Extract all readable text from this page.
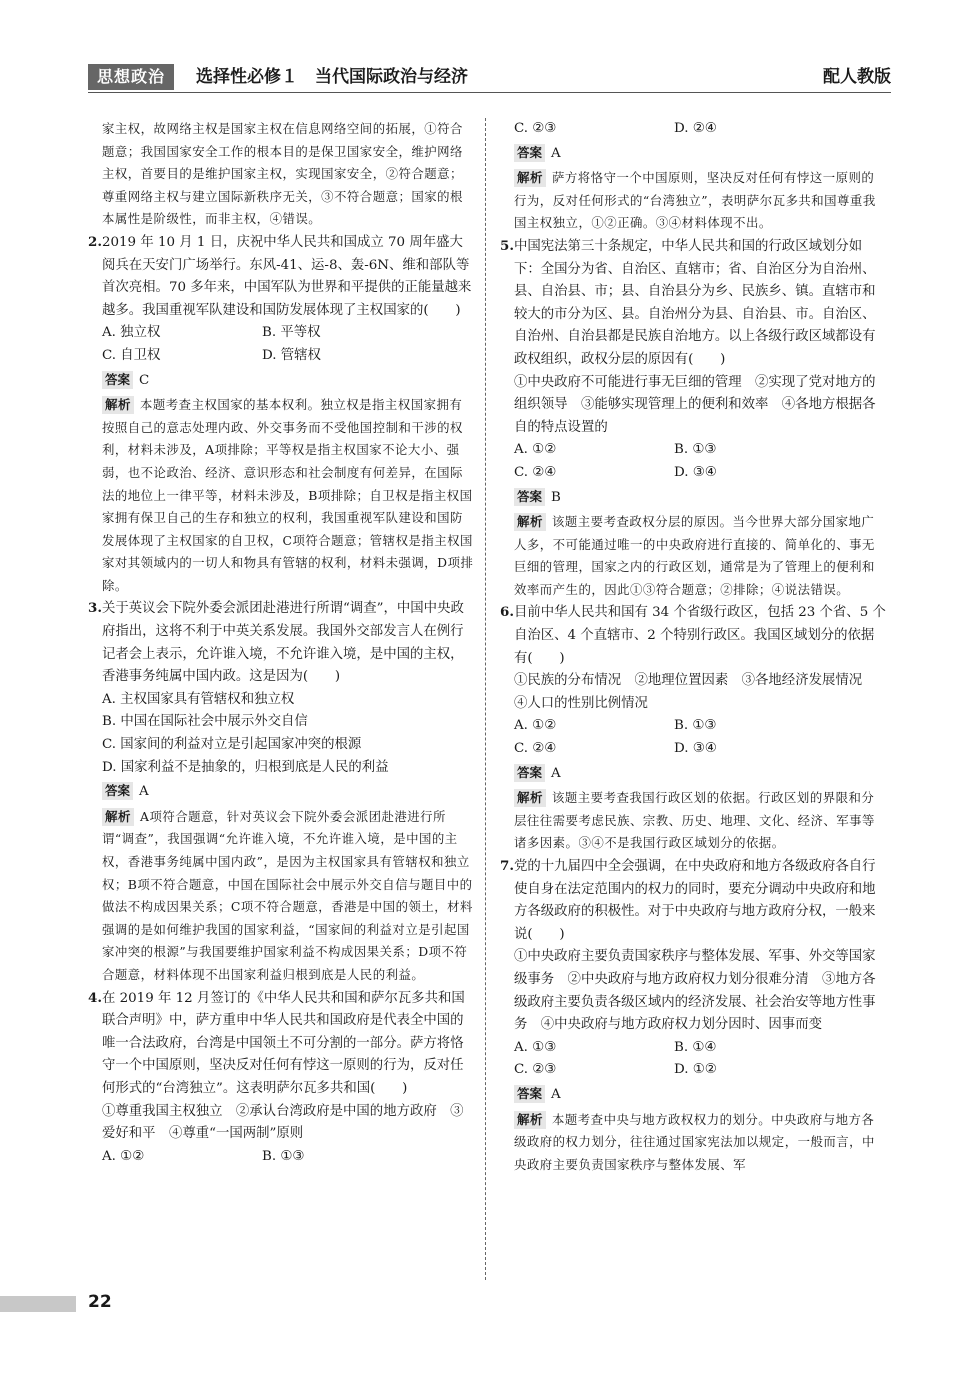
思想政治	选择性必修１　当代国际政治与经济	配人教版

家主权，故网络主权是国家主权在信息网络空间的拓展，①符合题意；我国国家安全工作的根本目的是保卫国家安全，维护网络主权，首要目的是维护国家主权，实现国家安全，②符合题意；尊重网络主权与建立国际新秩序无关，③不符合题意；国家的根本属性是阶级性，而非主权，④错误。

2.2019 年 10 月 1 日，庆祝中华人民共和国成立 70 周年盛大阅兵在天安门广场举行。东风-41、运-8、轰-6N、维和部队等首次亮相。70 多年来，中国军队为世界和平提供的正能量越来越多。我国重视军队建设和国防发展体现了主权国家的(　　)

A. 独立权	B. 平等权
C. 自卫权	D. 管辖权

答案 C

解析 本题考查主权国家的基本权利。独立权是指主权国家拥有按照自己的意志处理内政、外交事务而不受他国控制和干涉的权利，材料未涉及，A项排除；平等权是指主权国家不论大小、强弱，也不论政治、经济、意识形态和社会制度有何差异，在国际法的地位上一律平等，材料未涉及，B项排除；自卫权是指主权国家拥有保卫自己的生存和独立的权利，我国重视军队建设和国防发展体现了主权国家的自卫权，C项符合题意；管辖权是指主权国家对其领域内的一切人和物具有管辖的权利，材料未强调，D项排除。

3.关于英议会下院外委会派团赴港进行所谓“调查”，中国中央政府指出，这将不利于中英关系发展。我国外交部发言人在例行记者会上表示，允许谁入境，不允许谁入境，是中国的主权，香港事务纯属中国内政。这是因为(　　)

A. 主权国家具有管辖权和独立权

B. 中国在国际社会中展示外交自信

C. 国家间的利益对立是引起国家冲突的根源

D. 国家利益不是抽象的，归根到底是人民的利益

答案 A

解析 A项符合题意，针对英议会下院外委会派团赴港进行所谓“调查”，我国强调“允许谁入境，不允许谁入境，是中国的主权，香港事务纯属中国内政”，是因为主权国家具有管辖权和独立权；B项不符合题意，中国在国际社会中展示外交自信与题目中的做法不构成因果关系；C项不符合题意，香港是中国的领土，材料强调的是如何维护我国的国家利益，“国家间的利益对立是引起国家冲突的根源”与我国要维护国家利益不构成因果关系；D项不符合题意，材料体现不出国家利益归根到底是人民的利益。

4.在 2019 年 12 月签订的《中华人民共和国和萨尔瓦多共和国联合声明》中，萨方重申中华人民共和国政府是代表全中国的唯一合法政府，台湾是中国领土不可分割的一部分。萨方将恪守一个中国原则，坚决反对任何有悖这一原则的行为，反对任何形式的“台湾独立”。这表明萨尔瓦多共和国(　　)

①尊重我国主权独立　②承认台湾政府是中国的地方政府　③爱好和平　④尊重“一国两制”原则

A. ①②	B. ①③
C. ②③	D. ②④

答案 A

解析 萨方将恪守一个中国原则，坚决反对任何有悖这一原则的行为，反对任何形式的“台湾独立”，表明萨尔瓦多共和国尊重我国主权独立，①②正确。③④材料体现不出。

5.中国宪法第三十条规定，中华人民共和国的行政区域划分如下：全国分为省、自治区、直辖市；省、自治区分为自治州、县、自治县、市；县、自治县分为乡、民族乡、镇。直辖市和较大的市分为区、县。自治州分为县、自治县、市。自治区、自治州、自治县都是民族自治地方。以上各级行政区域都设有政权组织，政权分层的原因有(　　)

①中央政府不可能进行事无巨细的管理　②实现了党对地方的组织领导　③能够实现管理上的便利和效率　④各地方根据各自的特点设置的

A. ①②	B. ①③
C. ②④	D. ③④

答案 B

解析 该题主要考查政权分层的原因。当今世界大部分国家地广人多，不可能通过唯一的中央政府进行直接的、简单化的、事无巨细的管理，国家之内的行政区划，通常是为了管理上的便利和效率而产生的，因此①③符合题意；②排除；④说法错误。

6.目前中华人民共和国有 34 个省级行政区，包括 23 个省、5 个自治区、4 个直辖市、2 个特别行政区。我国区域划分的依据有(　　)

①民族的分布情况　②地理位置因素　③各地经济发展情况　④人口的性别比例情况

A. ①②	B. ①③
C. ②④	D. ③④

答案 A

解析 该题主要考查我国行政区划的依据。行政区划的界限和分层往往需要考虑民族、宗教、历史、地理、文化、经济、军事等诸多因素。③④不是我国行政区域划分的依据。

7.党的十九届四中全会强调，在中央政府和地方各级政府各自行使自身在法定范围内的权力的同时，要充分调动中央政府和地方各级政府的积极性。对于中央政府与地方政府分权，一般来说(　　)

①中央政府主要负责国家秩序与整体发展、军事、外交等国家级事务　②中央政府与地方政府权力划分很难分清　③地方各级政府主要负责各级区域内的经济发展、社会治安等地方性事务　④中央政府与地方政府权力划分因时、因事而变

A. ①③	B. ①④
C. ②③	D. ①②

答案 A

解析 本题考查中央与地方政权权力的划分。中央政府与地方各级政府的权力划分，往往通过国家宪法加以规定，一般而言，中央政府主要负责国家秩序与整体发展、军

22
